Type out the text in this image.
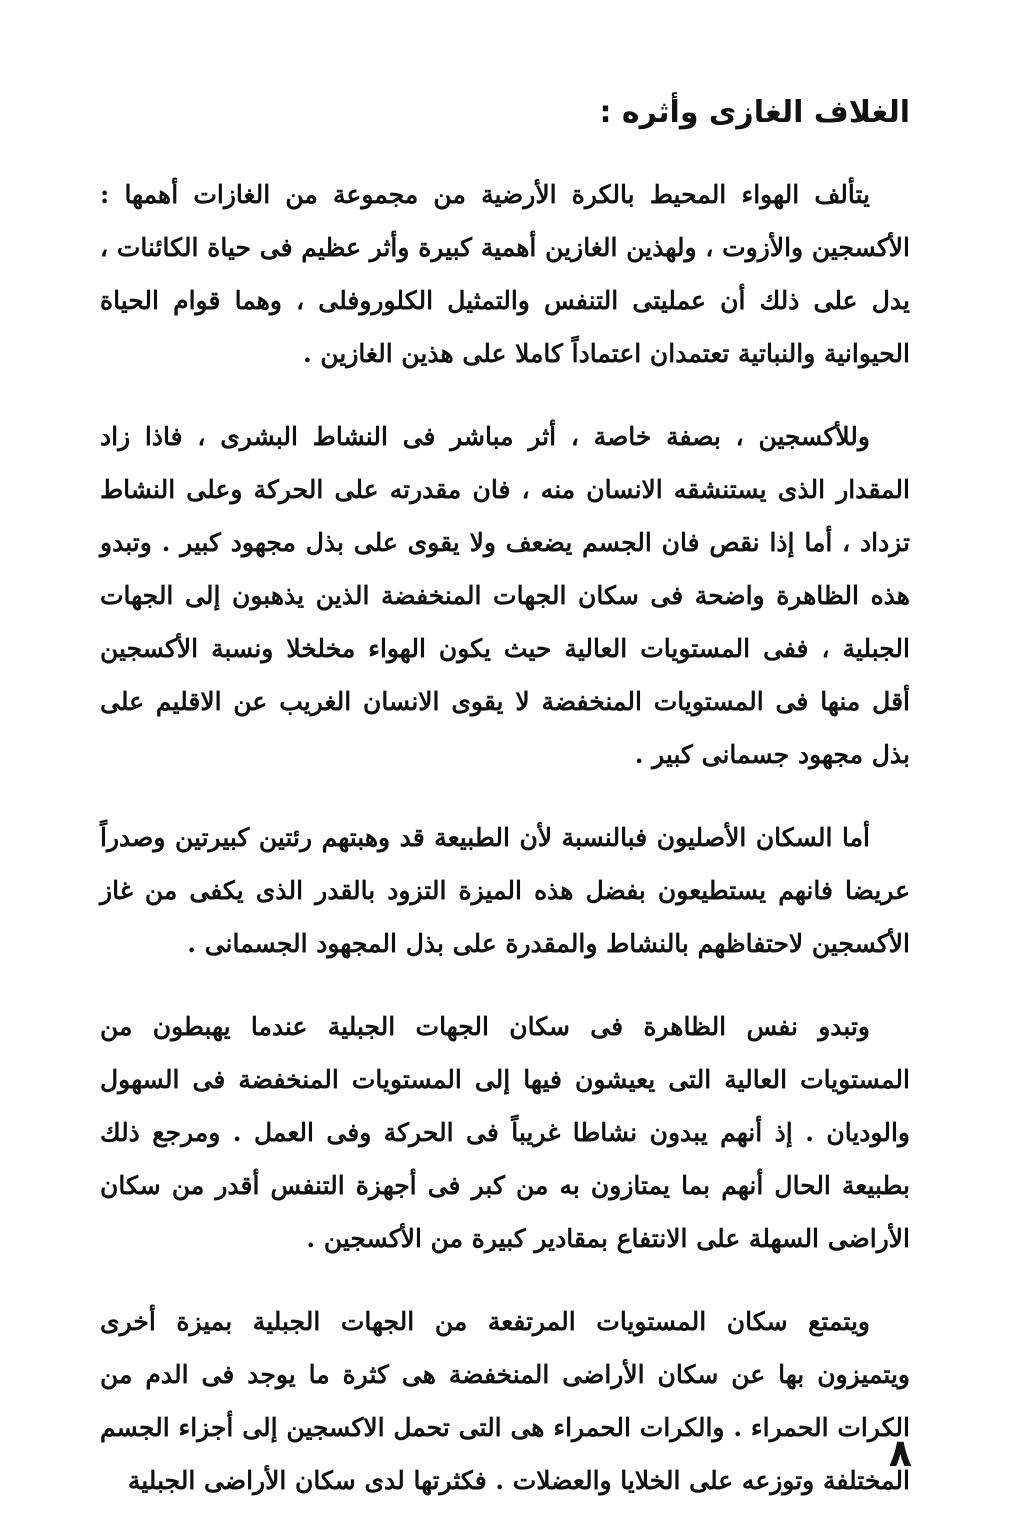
الغلاف الغازى وأثره :

يتألف الهواء المحيط بالكرة الأرضية من مجموعة من الغازات أهمها : الأكسجين والأزوت ، ولهذين الغازين أهمية كبيرة وأثر عظيم فى حياة الكائنات ، يدل على ذلك أن عمليتى التنفس والتمثيل الكلوروفلى ، وهما قوام الحياة الحيوانية والنباتية تعتمدان اعتماداً كاملا على هذين الغازين .

وللأكسجين ، بصفة خاصة ، أثر مباشر فى النشاط البشرى ، فاذا زاد المقدار الذى يستنشقه الانسان منه ، فان مقدرته على الحركة وعلى النشاط تزداد ، أما إذا نقص فان الجسم يضعف ولا يقوى على بذل مجهود كبير . وتبدو هذه الظاهرة واضحة فى سكان الجهات المنخفضة الذين يذهبون إلى الجهات الجبلية ، ففى المستويات العالية حيث يكون الهواء مخلخلا ونسبة الأكسجين أقل منها فى المستويات المنخفضة لا يقوى الانسان الغريب عن الاقليم على بذل مجهود جسمانى كبير .

أما السكان الأصليون فبالنسبة لأن الطبيعة قد وهبتهم رئتين كبيرتين وصدراً عريضا فانهم يستطيعون بفضل هذه الميزة التزود بالقدر الذى يكفى من غاز الأكسجين لاحتفاظهم بالنشاط والمقدرة على بذل المجهود الجسمانى .

وتبدو نفس الظاهرة فى سكان الجهات الجبلية عندما يهبطون من المستويات العالية التى يعيشون فيها إلى المستويات المنخفضة فى السهول والوديان . إذ أنهم يبدون نشاطا غريباً فى الحركة وفى العمل . ومرجع ذلك بطبيعة الحال أنهم بما يمتازون به من كبر فى أجهزة التنفس أقدر من سكان الأراضى السهلة على الانتفاع بمقادير كبيرة من الأكسجين .

ويتمتع سكان المستويات المرتفعة من الجهات الجبلية بميزة أخرى ويتميزون بها عن سكان الأراضى المنخفضة هى كثرة ما يوجد فى الدم من الكرات الحمراء . والكرات الحمراء هى التى تحمل الاكسجين إلى أجزاء الجسم المختلفة وتوزعه على الخلايا والعضلات . فكثرتها لدى سكان الأراضى الجبلية

٨
